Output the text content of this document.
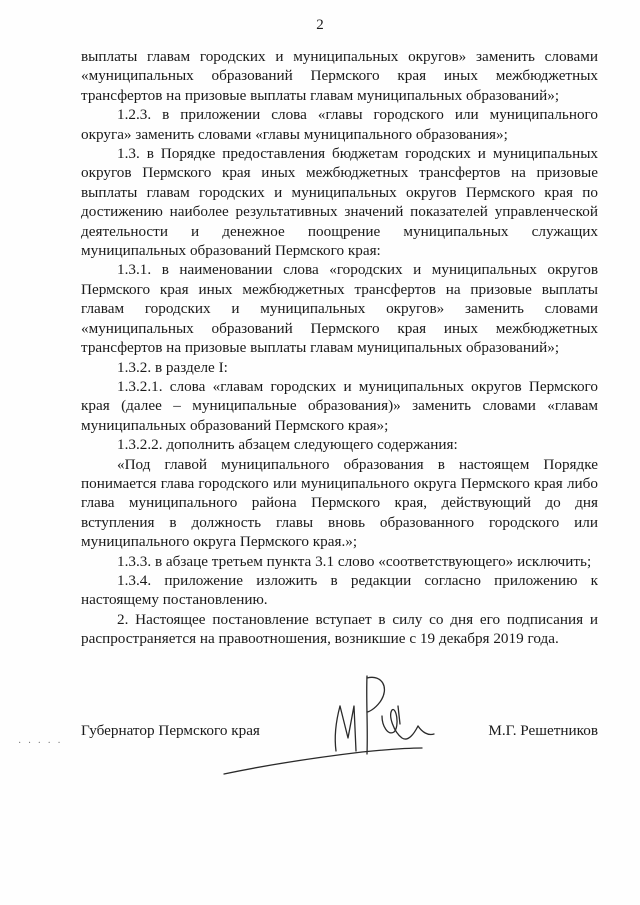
2

выплаты главам городских и муниципальных округов» заменить словами «муниципальных образований Пермского края иных межбюджетных трансфертов на призовые выплаты главам муниципальных образований»;

1.2.3. в приложении слова «главы городского или муниципального округа» заменить словами «главы муниципального образования»;

1.3. в Порядке предоставления бюджетам городских и муниципальных округов Пермского края иных межбюджетных трансфертов на призовые выплаты главам городских и муниципальных округов Пермского края по достижению наиболее результативных значений показателей управленческой деятельности и денежное поощрение муниципальных служащих муниципальных образований Пермского края:

1.3.1. в наименовании слова «городских и муниципальных округов Пермского края иных межбюджетных трансфертов на призовые выплаты главам городских и муниципальных округов» заменить словами «муниципальных образований Пермского края иных межбюджетных трансфертов на призовые выплаты главам муниципальных образований»;

1.3.2. в разделе I:

1.3.2.1. слова «главам городских и муниципальных округов Пермского края (далее – муниципальные образования)» заменить словами «главам муниципальных образований Пермского края»;

1.3.2.2. дополнить абзацем следующего содержания:

«Под главой муниципального образования в настоящем Порядке понимается глава городского или муниципального округа Пермского края либо глава муниципального района Пермского края, действующий до дня вступления в должность главы вновь образованного городского или муниципального округа Пермского края.»;

1.3.3. в абзаце третьем пункта 3.1 слово «соответствующего» исключить;

1.3.4. приложение изложить в редакции согласно приложению к настоящему постановлению.

2. Настоящее постановление вступает в силу со дня его подписания и распространяется на правоотношения, возникшие с 19 декабря 2019 года.

· · · · ·
Губернатор Пермского края	М.Г. Решетников
